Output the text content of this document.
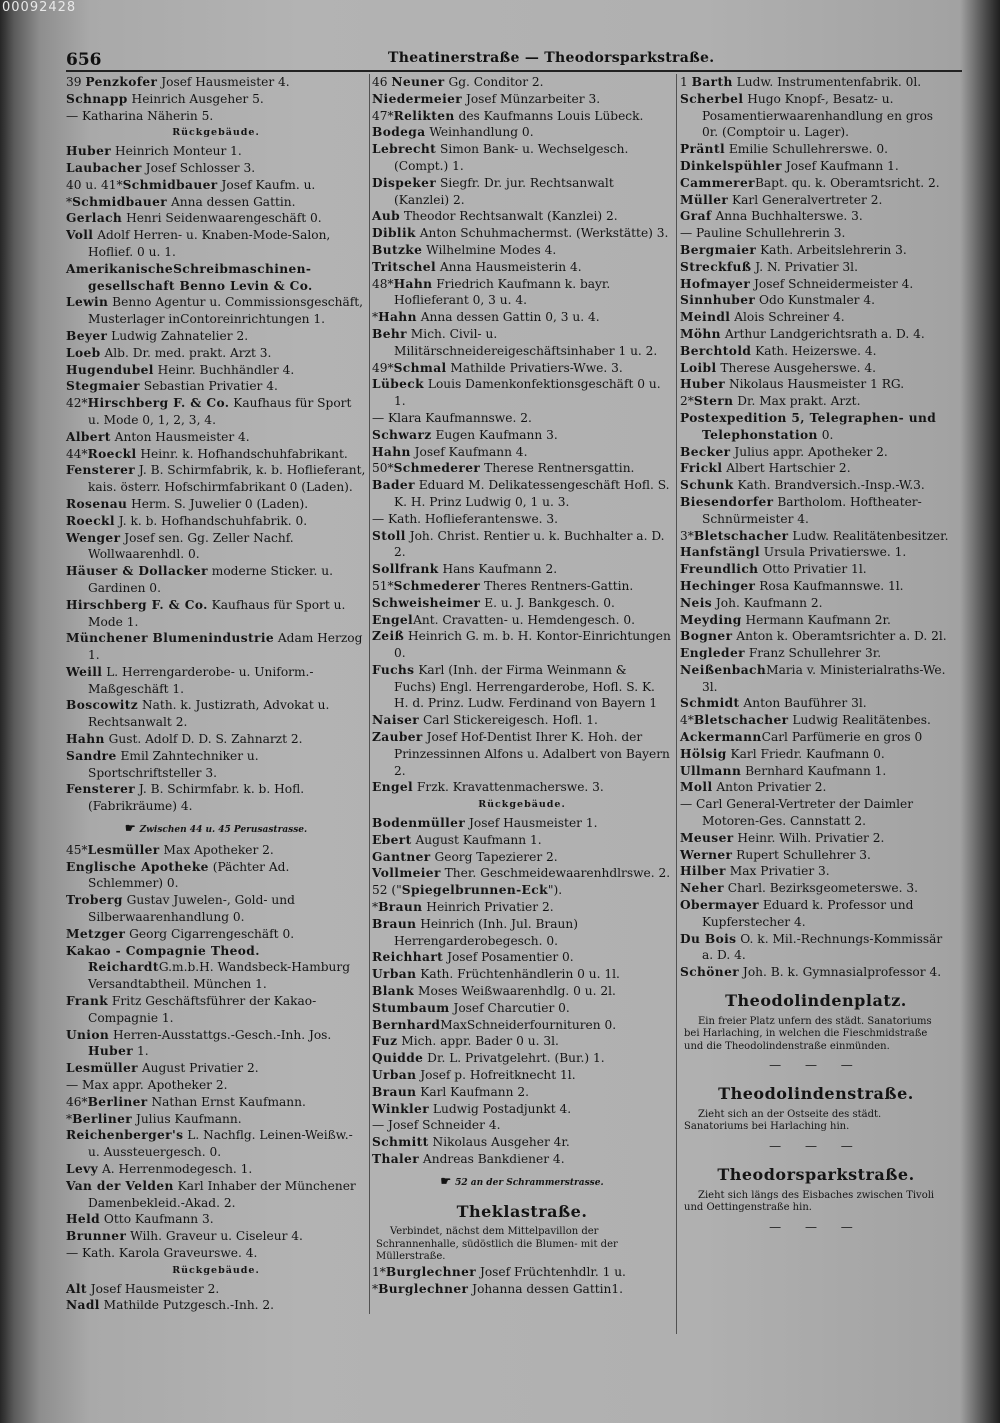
00092428
656	Theatinerstraße — Theodorsparkstraße.

39 Penzkofer Josef Hausmeister 4.

Schnapp Heinrich Ausgeher 5.

— Katharina Näherin 5.

Rückgebäude.

Huber Heinrich Monteur 1.

Laubacher Josef Schlosser 3.

40 u. 41*Schmidbauer Josef Kaufm. u.

*Schmidbauer Anna dessen Gattin.

Gerlach Henri Seidenwaarengeschäft 0.

Voll Adolf Herren- u. Knaben-Mode-Salon, Hoflief. 0 u. 1.

AmerikanischeSchreibmaschinen-gesellschaft Benno Levin & Co.

Lewin Benno Agentur u. Commissionsgeschäft, Musterlager inContoreinrichtungen 1.

Beyer Ludwig Zahnatelier 2.

Loeb Alb. Dr. med. prakt. Arzt 3.

Hugendubel Heinr. Buchhändler 4.

Stegmaier Sebastian Privatier 4.

42*Hirschberg F. & Co. Kaufhaus für Sport u. Mode 0, 1, 2, 3, 4.

Albert Anton Hausmeister 4.

44*Roeckl Heinr. k. Hofhandschuhfabrikant.

Fensterer J. B. Schirmfabrik, k. b. Hoflieferant, kais. österr. Hofschirmfabrikant 0 (Laden).

Rosenau Herm. S. Juwelier 0 (Laden).

Roeckl J. k. b. Hofhandschuhfabrik. 0.

Wenger Josef sen. Gg. Zeller Nachf. Wollwaarenhdl. 0.

Häuser & Dollacker moderne Sticker. u. Gardinen 0.

Hirschberg F. & Co. Kaufhaus für Sport u. Mode 1.

Münchener Blumenindustrie Adam Herzog 1.

Weill L. Herrengarderobe- u. Uniform.-Maßgeschäft 1.

Boscowitz Nath. k. Justizrath, Advokat u. Rechtsanwalt 2.

Hahn Gust. Adolf D. D. S. Zahnarzt 2.

Sandre Emil Zahntechniker u. Sportschriftsteller 3.

Fensterer J. B. Schirmfabr. k. b. Hofl. (Fabrikräume) 4.

☛ Zwischen 44 u. 45 Perusastrasse.

45*Lesmüller Max Apotheker 2.

Englische Apotheke (Pächter Ad. Schlemmer) 0.

Troberg Gustav Juwelen-, Gold- und Silberwaarenhandlung 0.

Metzger Georg Cigarrengeschäft 0.

Kakao - Compagnie Theod. ReichardtG.m.b.H. Wandsbeck-Hamburg Versandtabtheil. München 1.

Frank Fritz Geschäftsführer der Kakao-Compagnie 1.

Union Herren-Ausstattgs.-Gesch.-Inh. Jos. Huber 1.

Lesmüller August Privatier 2.

— Max appr. Apotheker 2.

46*Berliner Nathan Ernst Kaufmann.

*Berliner Julius Kaufmann.

Reichenberger's L. Nachflg. Leinen-Weißw.- u. Aussteuergesch. 0.

Levy A. Herrenmodegesch. 1.

Van der Velden Karl Inhaber der Münchener Damenbekleid.-Akad. 2.

Held Otto Kaufmann 3.

Brunner Wilh. Graveur u. Ciseleur 4.

— Kath. Karola Graveurswe. 4.

Rückgebäude.

Alt Josef Hausmeister 2.

Nadl Mathilde Putzgesch.-Inh. 2.

46 Neuner Gg. Conditor 2.

Niedermeier Josef Münzarbeiter 3.

47*Relikten des Kaufmanns Louis Lübeck.

Bodega Weinhandlung 0.

Lebrecht Simon Bank- u. Wechselgesch. (Compt.) 1.

Dispeker Siegfr. Dr. jur. Rechtsanwalt (Kanzlei) 2.

Aub Theodor Rechtsanwalt (Kanzlei) 2.

Diblik Anton Schuhmachermst. (Werkstätte) 3.

Butzke Wilhelmine Modes 4.

Tritschel Anna Hausmeisterin 4.

48*Hahn Friedrich Kaufmann k. bayr. Hoflieferant 0, 3 u. 4.

*Hahn Anna dessen Gattin 0, 3 u. 4.

Behr Mich. Civil- u. Militärschneidereigeschäftsinhaber 1 u. 2.

49*Schmal Mathilde Privatiers-Wwe. 3.

Lübeck Louis Damenkonfektionsgeschäft 0 u. 1.

— Klara Kaufmannswe. 2.

Schwarz Eugen Kaufmann 3.

Hahn Josef Kaufmann 4.

50*Schmederer Therese Rentnersgattin.

Bader Eduard M. Delikatessengeschäft Hofl. S. K. H. Prinz Ludwig 0, 1 u. 3.

— Kath. Hoflieferantenswe. 3.

Stoll Joh. Christ. Rentier u. k. Buchhalter a. D. 2.

Sollfrank Hans Kaufmann 2.

51*Schmederer Theres Rentners-Gattin.

Schweisheimer E. u. J. Bankgesch. 0.

EngelAnt. Cravatten- u. Hemdengesch. 0.

Zeiß Heinrich G. m. b. H. Kontor-Einrichtungen 0.

Fuchs Karl (Inh. der Firma Weinmann & Fuchs) Engl. Herrengarderobe, Hofl. S. K. H. d. Prinz. Ludw. Ferdinand von Bayern 1

Naiser Carl Stickereigesch. Hofl. 1.

Zauber Josef Hof-Dentist Ihrer K. Hoh. der Prinzessinnen Alfons u. Adalbert von Bayern 2.

Engel Frzk. Kravattenmacherswe. 3.

Rückgebäude.

Bodenmüller Josef Hausmeister 1.

Ebert August Kaufmann 1.

Gantner Georg Tapezierer 2.

Vollmeier Ther. Geschmeidewaarenhdlrswe. 2.

52 ("Spiegelbrunnen-Eck").

*Braun Heinrich Privatier 2.

Braun Heinrich (Inh. Jul. Braun) Herrengarderobegesch. 0.

Reichhart Josef Posamentier 0.

Urban Kath. Früchtenhändlerin 0 u. 1l.

Blank Moses Weißwaarenhdlg. 0 u. 2l.

Stumbaum Josef Charcutier 0.

BernhardMaxSchneiderfournituren 0.

Fuz Mich. appr. Bader 0 u. 3l.

Quidde Dr. L. Privatgelehrt. (Bur.) 1.

Urban Josef p. Hofreitknecht 1l.

Braun Karl Kaufmann 2.

Winkler Ludwig Postadjunkt 4.

— Josef Schneider 4.

Schmitt Nikolaus Ausgeher 4r.

Thaler Andreas Bankdiener 4.

☛ 52 an der Schrammerstrasse.
Theklastraße.
Verbindet, nächst dem Mittelpavillon der Schrannenhalle, südöstlich die Blumen- mit der Müllerstraße.

1*Burglechner Josef Früchtenhdlr. 1 u.

*Burglechner Johanna dessen Gattin1.

1 Barth Ludw. Instrumentenfabrik. 0l.

Scherbel Hugo Knopf-, Besatz- u. Posamentierwaarenhandlung en gros 0r. (Comptoir u. Lager).

Präntl Emilie Schullehrerswe. 0.

Dinkelspühler Josef Kaufmann 1.

CammererBapt. qu. k. Oberamtsricht. 2.

Müller Karl Generalvertreter 2.

Graf Anna Buchhalterswe. 3.

— Pauline Schullehrerin 3.

Bergmaier Kath. Arbeitslehrerin 3.

Streckfuß J. N. Privatier 3l.

Hofmayer Josef Schneidermeister 4.

Sinnhuber Odo Kunstmaler 4.

Meindl Alois Schreiner 4.

Möhn Arthur Landgerichtsrath a. D. 4.

Berchtold Kath. Heizerswe. 4.

Loibl Therese Ausgeherswe. 4.

Huber Nikolaus Hausmeister 1 RG.

2*Stern Dr. Max prakt. Arzt.

Postexpedition 5, Telegraphen- und Telephonstation 0.

Becker Julius appr. Apotheker 2.

Frickl Albert Hartschier 2.

Schunk Kath. Brandversich.-Insp.-W.3.

Biesendorfer Bartholom. Hoftheater-Schnürmeister 4.

3*Bletschacher Ludw. Realitätenbesitzer.

Hanfstängl Ursula Privatierswe. 1.

Freundlich Otto Privatier 1l.

Hechinger Rosa Kaufmannswe. 1l.

Neis Joh. Kaufmann 2.

Meyding Hermann Kaufmann 2r.

Bogner Anton k. Oberamtsrichter a. D. 2l.

Engleder Franz Schullehrer 3r.

NeißenbachMaria v. Ministerialraths-We. 3l.

Schmidt Anton Bauführer 3l.

4*Bletschacher Ludwig Realitätenbes.

AckermannCarl Parfümerie en gros 0

Hölsig Karl Friedr. Kaufmann 0.

Ullmann Bernhard Kaufmann 1.

Moll Anton Privatier 2.

— Carl General-Vertreter der Daimler Motoren-Ges. Cannstatt 2.

Meuser Heinr. Wilh. Privatier 2.

Werner Rupert Schullehrer 3.

Hilber Max Privatier 3.

Neher Charl. Bezirksgeometerswe. 3.

Obermayer Eduard k. Professor und Kupferstecher 4.

Du Bois O. k. Mil.-Rechnungs-Kommissär a. D. 4.

Schöner Joh. B. k. Gymnasialprofessor 4.

Theodolindenplatz.
Ein freier Platz unfern des städt. Sanatoriums bei Harlaching, in welchen die Fieschmidstraße und die Theodolindenstraße einmünden.
— — —
Theodolindenstraße.
Zieht sich an der Ostseite des städt. Sanatoriums bei Harlaching hin.
— — —
Theodorsparkstraße.
Zieht sich längs des Eisbaches zwischen Tivoli und Oettingenstraße hin.
— — —
